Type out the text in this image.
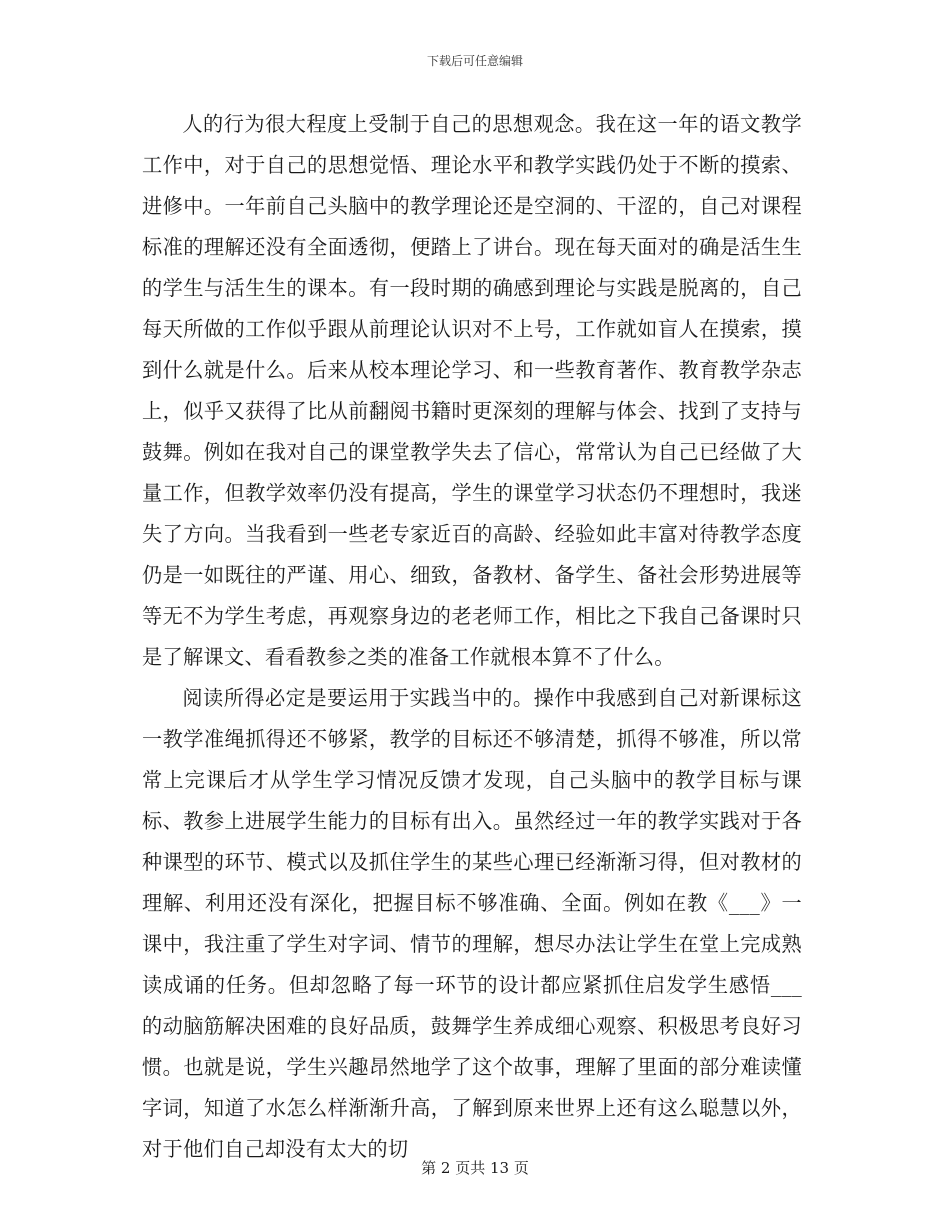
下载后可任意编辑

人的行为很大程度上受制于自己的思想观念。我在这一年的语文教学工作中，对于自己的思想觉悟、理论水平和教学实践仍处于不断的摸索、进修中。一年前自己头脑中的教学理论还是空洞的、干涩的，自己对课程标准的理解还没有全面透彻，便踏上了讲台。现在每天面对的确是活生生的学生与活生生的课本。有一段时期的确感到理论与实践是脱离的，自己每天所做的工作似乎跟从前理论认识对不上号，工作就如盲人在摸索，摸到什么就是什么。后来从校本理论学习、和一些教育著作、教育教学杂志上，似乎又获得了比从前翻阅书籍时更深刻的理解与体会、找到了支持与鼓舞。例如在我对自己的课堂教学失去了信心，常常认为自己已经做了大量工作，但教学效率仍没有提高，学生的课堂学习状态仍不理想时，我迷失了方向。当我看到一些老专家近百的高龄、经验如此丰富对待教学态度仍是一如既往的严谨、用心、细致，备教材、备学生、备社会形势进展等等无不为学生考虑，再观察身边的老老师工作，相比之下我自己备课时只是了解课文、看看教参之类的准备工作就根本算不了什么。

阅读所得必定是要运用于实践当中的。操作中我感到自己对新课标这一教学准绳抓得还不够紧，教学的目标还不够清楚，抓得不够准，所以常常上完课后才从学生学习情况反馈才发现，自己头脑中的教学目标与课标、教参上进展学生能力的目标有出入。虽然经过一年的教学实践对于各种课型的环节、模式以及抓住学生的某些心理已经渐渐习得，但对教材的理解、利用还没有深化，把握目标不够准确、全面。例如在教《___》一课中，我注重了学生对字词、情节的理解，想尽办法让学生在堂上完成熟读成诵的任务。但却忽略了每一环节的设计都应紧抓住启发学生感悟___的动脑筋解决困难的良好品质，鼓舞学生养成细心观察、积极思考良好习惯。也就是说，学生兴趣昂然地学了这个故事，理解了里面的部分难读懂字词，知道了水怎么样渐渐升高，了解到原来世界上还有这么聪慧以外，对于他们自己却没有太大的切

第 2 页共 13 页
